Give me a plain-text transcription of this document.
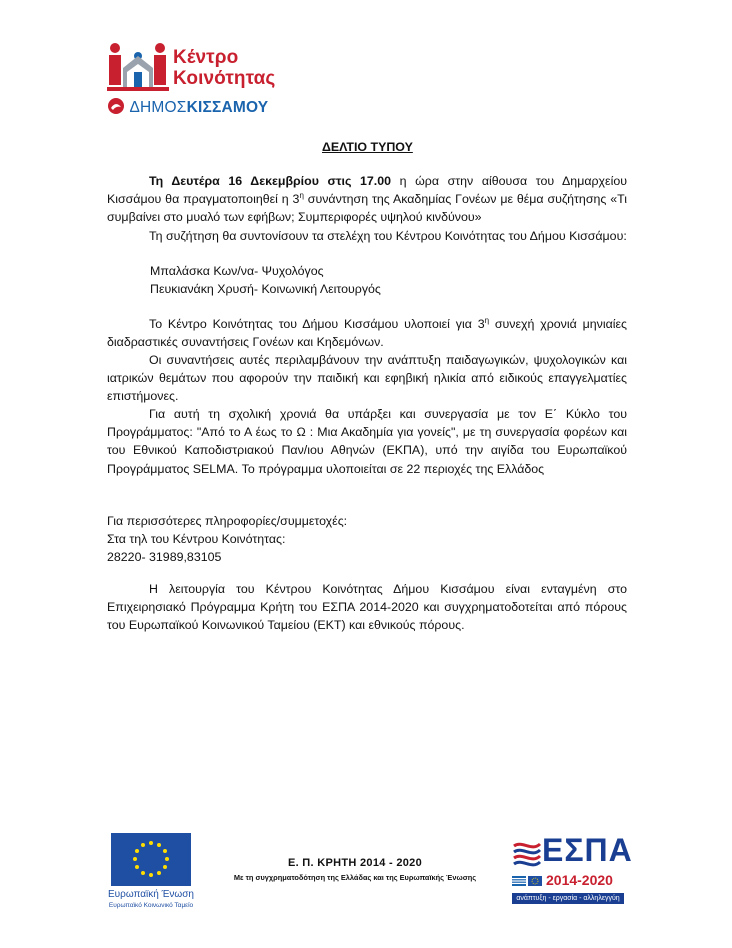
Κέντρο
Κοινότητας
ΔΗΜΟΣΚΙΣΣΑΜΟΥ
ΔΕΛΤΙΟ ΤΥΠΟΥ
Τη Δευτέρα 16 Δεκεμβρίου στις 17.00 η ώρα στην αίθουσα του Δημαρχείου Κισσάμου θα πραγματοποιηθεί η $3^\eta$ συνάντηση της Ακαδημίας Γονέων με θέμα συζήτησης «Τι συμβαίνει στο μυαλό των εφήβων; Συμπεριφορές υψηλού κινδύνου»
Τη συζήτηση θα συντονίσουν τα στελέχη του Κέντρου Κοινότητας του Δήμου Κισσάμου:
Μπαλάσκα Κων/να- Ψυχολόγος
Πευκιανάκη Χρυσή- Κοινωνική Λειτουργός
Το Κέντρο Κοινότητας του Δήμου Κισσάμου υλοποιεί για $3^\eta$ συνεχή χρονιά μηνιαίες διαδραστικές συναντήσεις Γονέων και Κηδεμόνων.
Οι συναντήσεις αυτές περιλαμβάνουν την ανάπτυξη παιδαγωγικών, ψυχολογικών και ιατρικών θεμάτων που αφορούν την παιδική και εφηβική ηλικία από ειδικούς επαγγελματίες επιστήμονες.
Για αυτή τη σχολική χρονιά θα υπάρξει και συνεργασία με τον Ε΄ Κύκλο του Προγράμματος: "Από το Α έως το Ω : Μια Ακαδημία για γονείς", με τη συνεργασία φορέων και του Εθνικού Καποδιστριακού Παν/ιου Αθηνών (ΕΚΠΑ), υπό την αιγίδα του Ευρωπαϊκού Προγράμματος SELMA. Το πρόγραμμα υλοποιείται σε 22 περιοχές της Ελλάδος
Για περισσότερες πληροφορίες/συμμετοχές:
Στα τηλ του Κέντρου Κοινότητας:
28220- 31989,83105
Η λειτουργία του Κέντρου Κοινότητας Δήμου Κισσάμου είναι ενταγμένη στο Επιχειρησιακό Πρόγραμμα Κρήτη του ΕΣΠΑ 2014-2020 και συγχρηματοδοτείται από πόρους του Ευρωπαϊκού Κοινωνικού Ταμείου (ΕΚΤ) και εθνικούς πόρους.
Ευρωπαϊκή Ένωση
Ευρωπαϊκό Κοινωνικό Ταμείο
Ε. Π. ΚΡΗΤΗ 2014 - 2020
Με τη συγχρηματοδότηση της Ελλάδας και της Ευρωπαϊκής Ένωσης
ΕΣΠΑ
2014-2020
ανάπτυξη - εργασία - αλληλεγγύη
